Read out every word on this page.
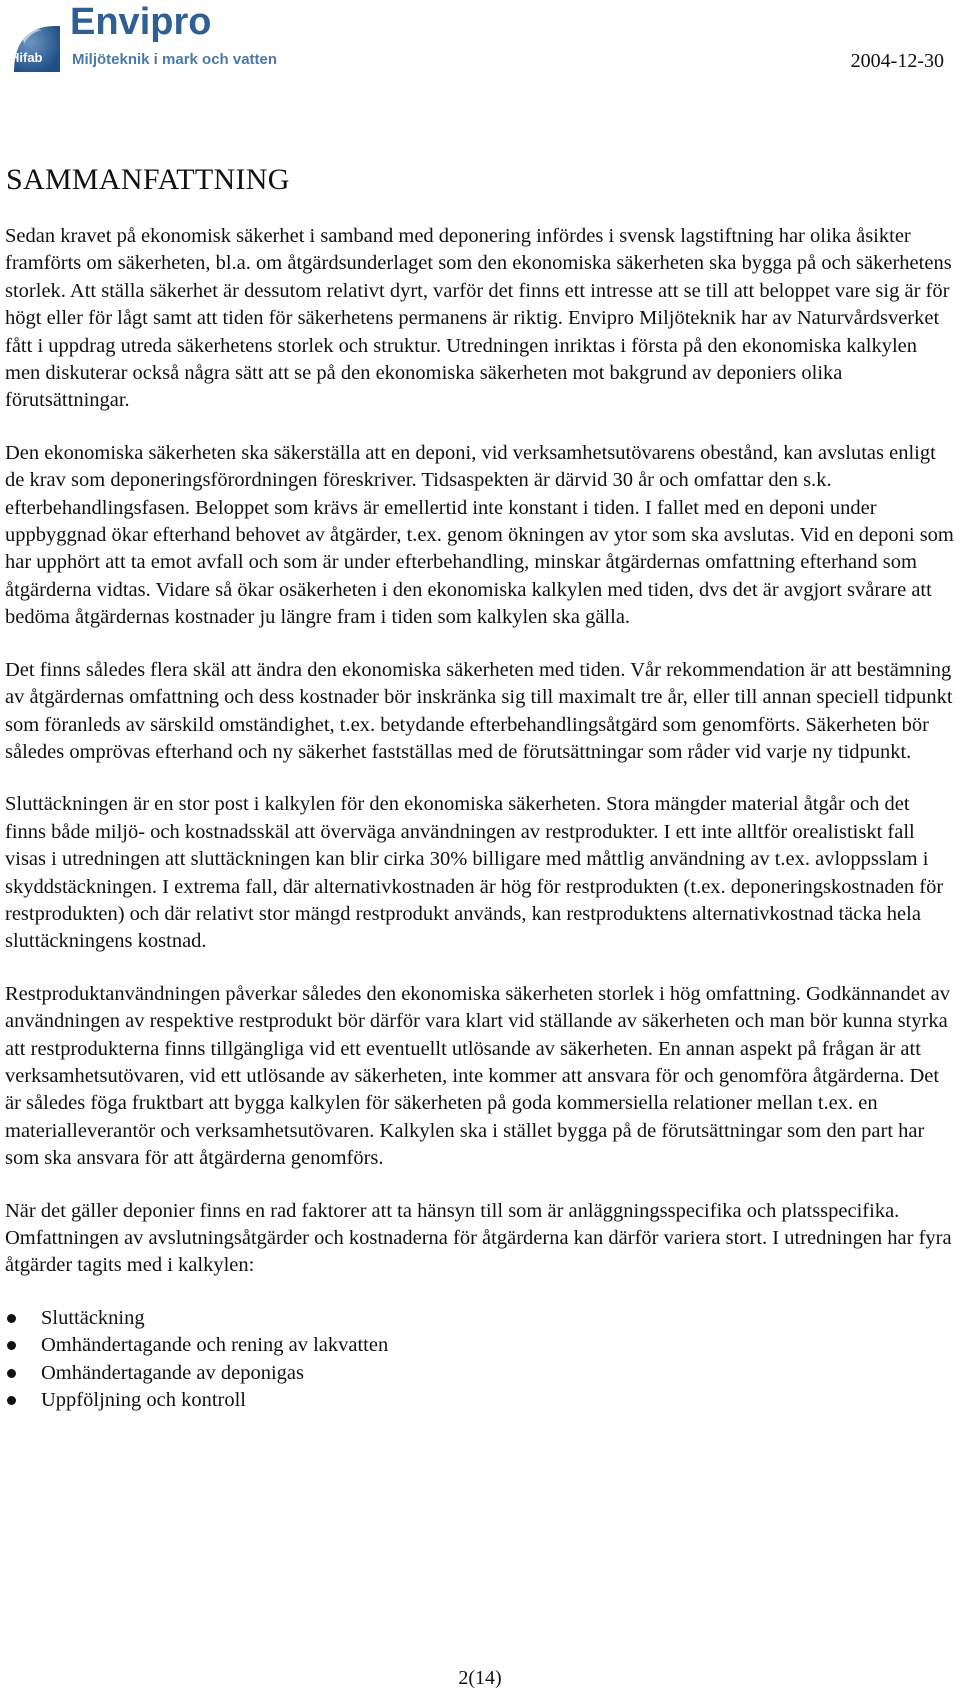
Hifab
Envipro
Miljöteknik i mark och vatten	2004-12-30
SAMMANFATTNING

Sedan kravet på ekonomisk säkerhet i samband med deponering infördes i svensk lagstiftning har olika åsikter framförts om säkerheten, bl.a. om åtgärdsunderlaget som den ekonomiska säkerheten ska bygga på och säkerhetens storlek. Att ställa säkerhet är dessutom relativt dyrt, varför det finns ett intresse att se till att beloppet vare sig är för högt eller för lågt samt att tiden för säkerhetens permanens är riktig. Envipro Miljöteknik har av Naturvårdsverket fått i uppdrag utreda säkerhetens storlek och struktur. Utredningen inriktas i första på den ekonomiska kalkylen men diskuterar också några sätt att se på den ekonomiska säkerheten mot bakgrund av deponiers olika förutsättningar.

Den ekonomiska säkerheten ska säkerställa att en deponi, vid verksamhetsutövarens obestånd, kan avslutas enligt de krav som deponeringsförordningen föreskriver. Tidsaspekten är därvid 30 år och omfattar den s.k. efterbehandlingsfasen. Beloppet som krävs är emellertid inte konstant i tiden. I fallet med en deponi under uppbyggnad ökar efterhand behovet av åtgärder, t.ex. genom ökningen av ytor som ska avslutas. Vid en deponi som har upphört att ta emot avfall och som är under efterbehandling, minskar åtgärdernas omfattning efterhand som åtgärderna vidtas. Vidare så ökar osäkerheten i den ekonomiska kalkylen med tiden, dvs det är avgjort svårare att bedöma åtgärdernas kostnader ju längre fram i tiden som kalkylen ska gälla.

Det finns således flera skäl att ändra den ekonomiska säkerheten med tiden. Vår rekommendation är att bestämning av åtgärdernas omfattning och dess kostnader bör inskränka sig till maximalt tre år, eller till annan speciell tidpunkt som föranleds av särskild omständighet, t.ex. betydande efterbehandlingsåtgärd som genomförts. Säkerheten bör således omprövas efterhand och ny säkerhet fastställas med de förutsättningar som råder vid varje ny tidpunkt.

Sluttäckningen är en stor post i kalkylen för den ekonomiska säkerheten. Stora mängder material åtgår och det finns både miljö- och kostnadsskäl att överväga användningen av restprodukter. I ett inte alltför orealistiskt fall visas i utredningen att sluttäckningen kan blir cirka 30% billigare med måttlig användning av t.ex. avloppsslam i skyddstäckningen. I extrema fall, där alternativkostnaden är hög för restprodukten (t.ex. deponeringskostnaden för restprodukten) och där relativt stor mängd restprodukt används, kan restproduktens alternativkostnad täcka hela sluttäckningens kostnad.

Restproduktanvändningen påverkar således den ekonomiska säkerheten storlek i hög omfattning. Godkännandet av användningen av respektive restprodukt bör därför vara klart vid ställande av säkerheten och man bör kunna styrka att restprodukterna finns tillgängliga vid ett eventuellt utlösande av säkerheten. En annan aspekt på frågan är att verksamhetsutövaren, vid ett utlösande av säkerheten, inte kommer att ansvara för och genomföra åtgärderna. Det är således föga fruktbart att bygga kalkylen för säkerheten på goda kommersiella relationer mellan t.ex. en materialleverantör och verksamhetsutövaren. Kalkylen ska i stället bygga på de förutsättningar som den part har som ska ansvara för att åtgärderna genomförs.

När det gäller deponier finns en rad faktorer att ta hänsyn till som är anläggningsspecifika och platsspecifika. Omfattningen av avslutningsåtgärder och kostnaderna för åtgärderna kan därför variera stort. I utredningen har fyra åtgärder tagits med i kalkylen:

Sluttäckning
Omhändertagande och rening av lakvatten
Omhändertagande av deponigas
Uppföljning och kontroll
2(14)
